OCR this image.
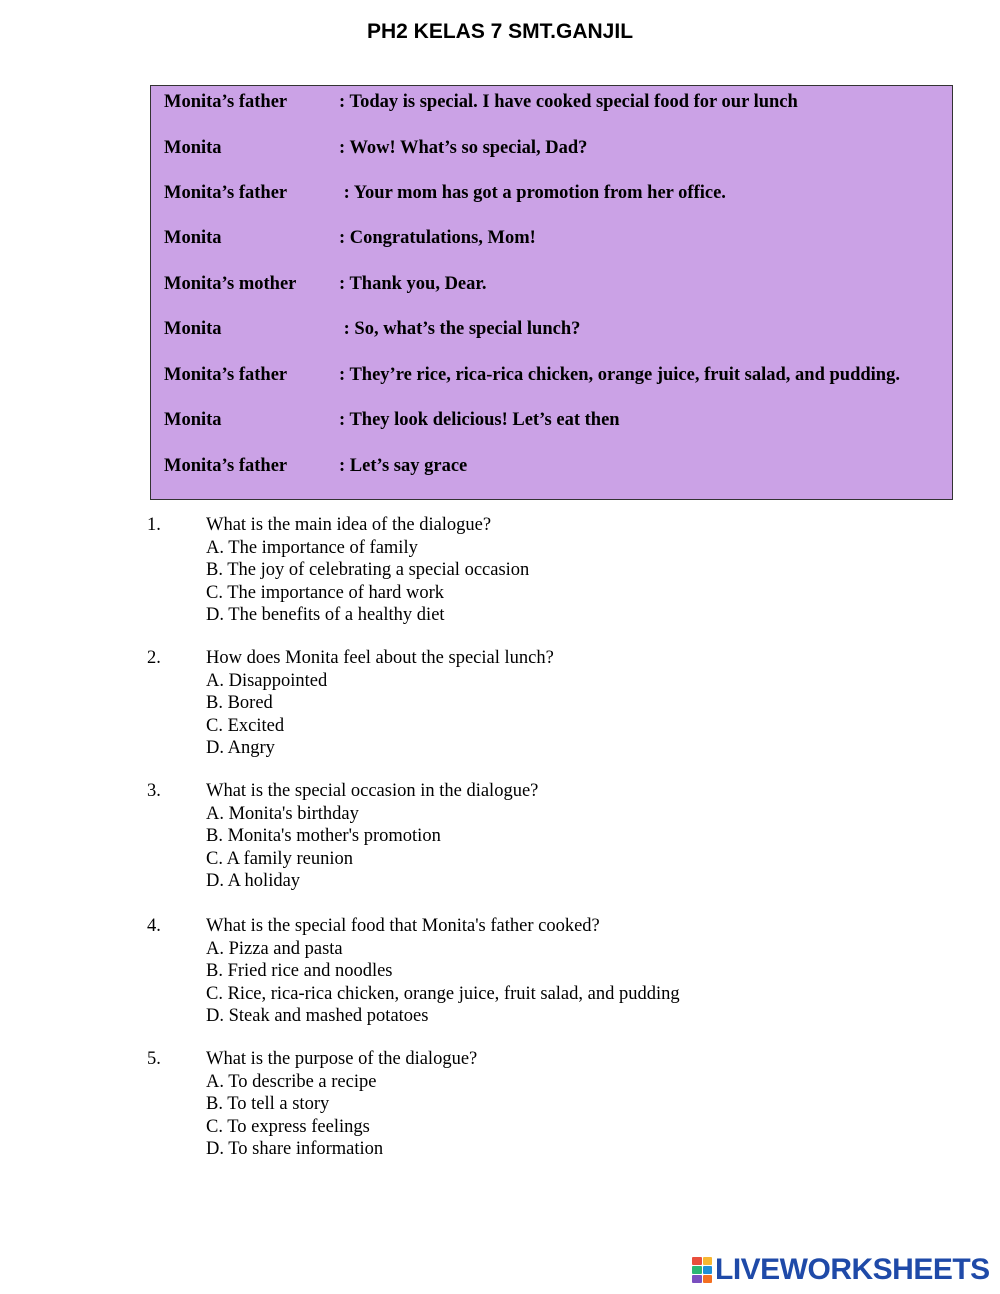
PH2 KELAS 7 SMT.GANJIL
Monita’s father	: Today is special. I have cooked special food for our lunch
Monita	: Wow! What’s so special, Dad?
Monita’s father	: Your mom has got a promotion from her office.
Monita	: Congratulations, Mom!
Monita’s mother : Thank you, Dear.
Monita	: So, what’s the special lunch?
Monita’s father	: They’re rice, rica-rica chicken, orange juice, fruit salad, and pudding.
Monita	: They look delicious! Let’s eat then
Monita’s father	: Let’s say grace
1. What is the main idea of the dialogue?
A. The importance of family
B. The joy of celebrating a special occasion
C. The importance of hard work
D. The benefits of a healthy diet
2. How does Monita feel about the special lunch?
A. Disappointed
B. Bored
C. Excited
D. Angry
3. What is the special occasion in the dialogue?
A. Monita's birthday
B. Monita's mother's promotion
C. A family reunion
D. A holiday
4. What is the special food that Monita's father cooked?
A. Pizza and pasta
B. Fried rice and noodles
C. Rice, rica-rica chicken, orange juice, fruit salad, and pudding
D. Steak and mashed potatoes
5. What is the purpose of the dialogue?
A. To describe a recipe
B. To tell a story
C. To express feelings
D. To share information
LIVEWORKSHEETS
